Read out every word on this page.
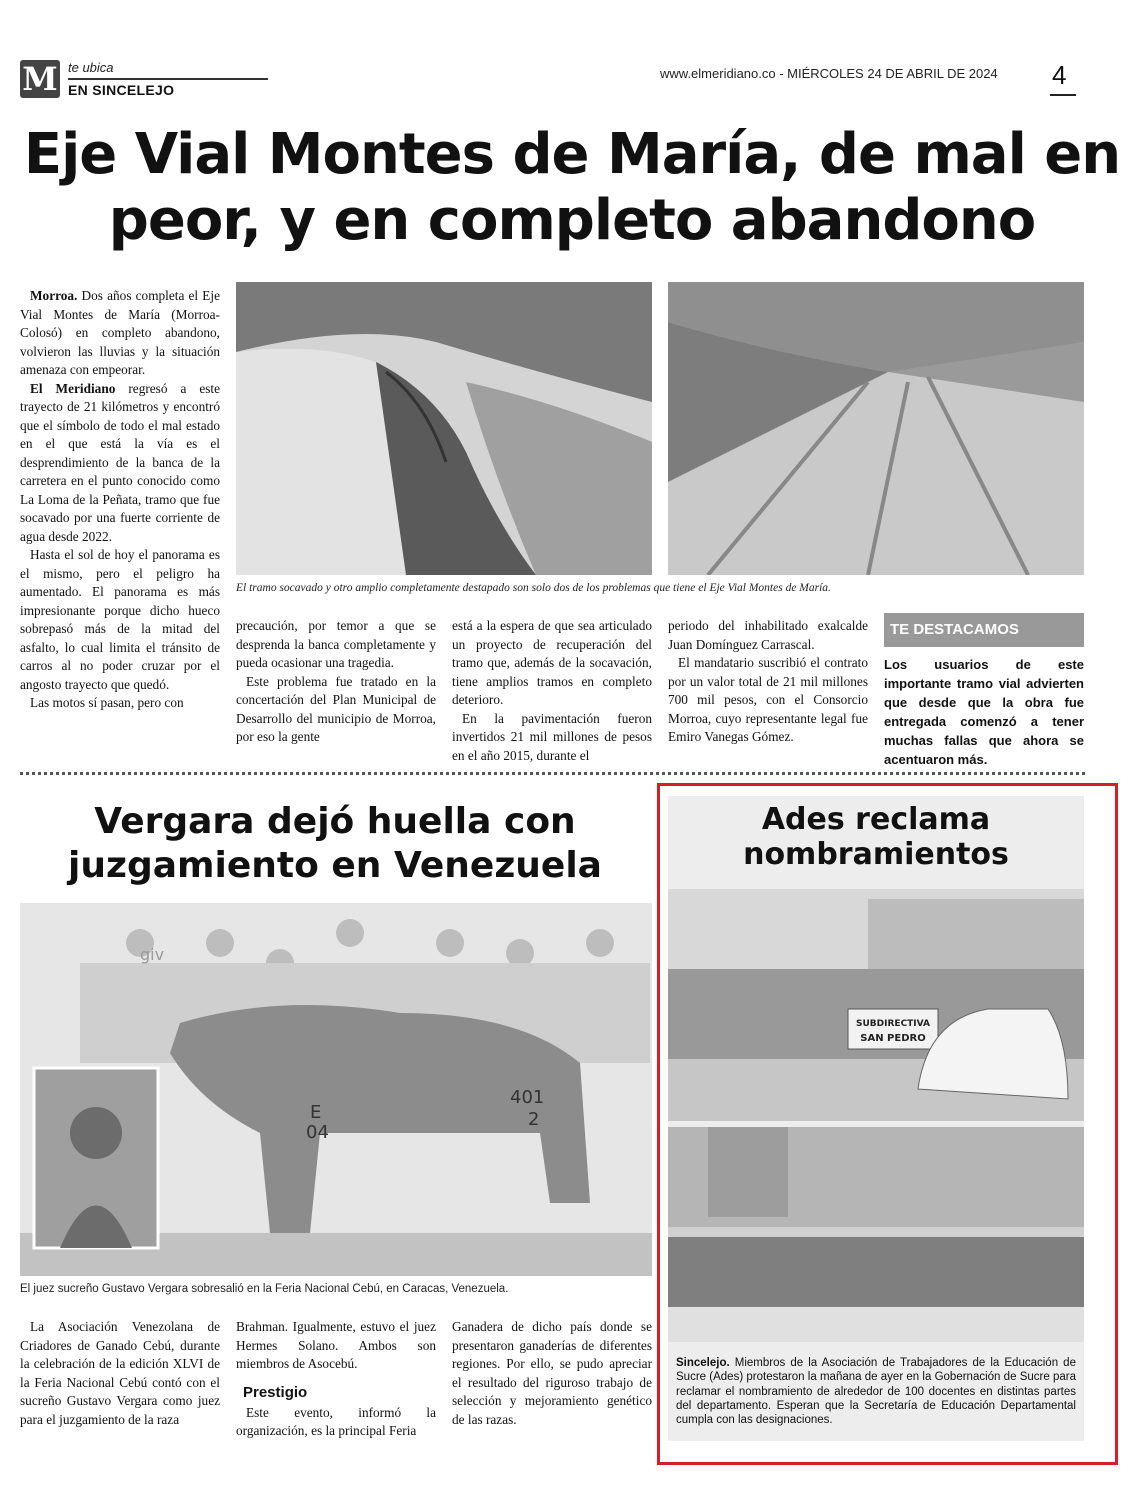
M te ubica
EN SINCELEJO
www.elmeridiano.co - MIÉRCOLES 24 DE ABRIL DE 2024 4
Eje Vial Montes de María, de mal en peor, y en completo abandono

Morroa. Dos años completa el Eje Vial Montes de María (Morroa-Colosó) en completo abandono, volvieron las lluvias y la situación amenaza con empeorar.

El Meridiano regresó a este trayecto de 21 kilómetros y encontró que el símbolo de todo el mal estado en el que está la vía es el desprendimiento de la banca de la carretera en el punto conocido como La Loma de la Peñata, tramo que fue socavado por una fuerte corriente de agua desde 2022.

Hasta el sol de hoy el panorama es el mismo, pero el peligro ha aumentado. El panorama es más impresionante porque dicho hueco sobrepasó más de la mitad del asfalto, lo cual limita el tránsito de carros al no poder cruzar por el angosto trayecto que quedó.

Las motos sí pasan, pero con

El tramo socavado y otro amplio completamente destapado son solo dos de los problemas que tiene el Eje Vial Montes de María.

precaución, por temor a que se desprenda la banca completamente y pueda ocasionar una tragedia.

Este problema fue tratado en la concertación del Plan Municipal de Desarrollo del municipio de Morroa, por eso la gente

está a la espera de que sea articulado un proyecto de recuperación del tramo que, además de la socavación, tiene amplios tramos en completo deterioro.

En la pavimentación fueron invertidos 21 mil millones de pesos en el año 2015, durante el

periodo del inhabilitado exalcalde Juan Domínguez Carrascal.

El mandatario suscribió el contrato por un valor total de 21 mil millones 700 mil pesos, con el Consorcio Morroa, cuyo representante legal fue Emiro Vanegas Gómez.

TE DESTACAMOS
Los usuarios de este importante tramo vial advierten que desde que la obra fue entregada comenzó a tener muchas fallas que ahora se acentuaron más.
Vergara dejó huella con juzgamiento en Venezuela
giv
E
04
401
2
El juez sucreño Gustavo Vergara sobresalió en la Feria Nacional Cebú, en Caracas, Venezuela.

La Asociación Venezolana de Criadores de Ganado Cebú, durante la celebración de la edición XLVI de la Feria Nacional Cebú contó con el sucreño Gustavo Vergara como juez para el juzgamiento de la raza

Brahman. Igualmente, estuvo el juez Hermes Solano. Ambos son miembros de Asocebú.

Prestigio

Este evento, informó la organización, es la principal Feria

Ganadera de dicho país donde se presentaron ganaderías de diferentes regiones. Por ello, se pudo apreciar el resultado del riguroso trabajo de selección y mejoramiento genético de las razas.

Ades reclama nombramientos
SUBDIRECTIVA
SAN PEDRO
Sincelejo. Miembros de la Asociación de Trabajadores de la Educación de Sucre (Ades) protestaron la mañana de ayer en la Gobernación de Sucre para reclamar el nombramiento de alrededor de 100 docentes en distintas partes del departamento. Esperan que la Secretaría de Educación Departamental cumpla con las designaciones.
